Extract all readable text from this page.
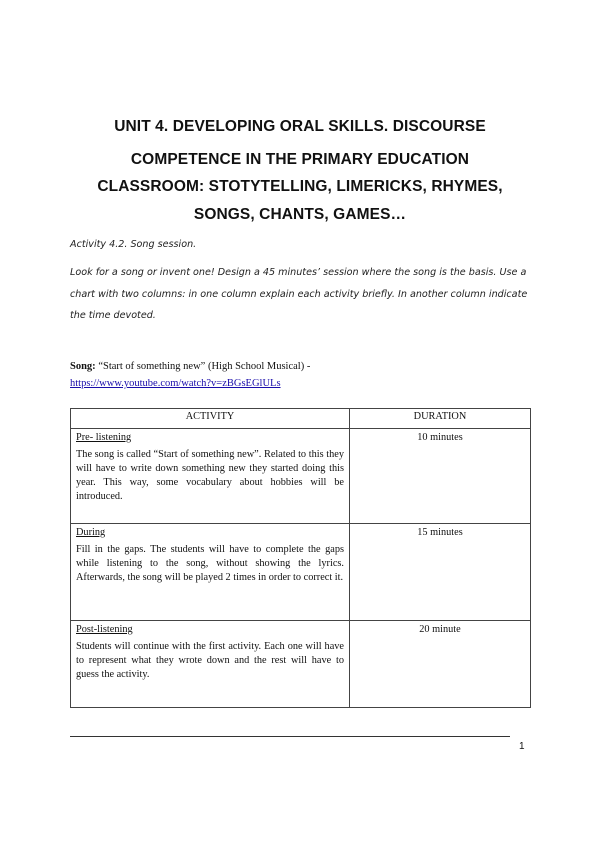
UNIT 4. DEVELOPING ORAL SKILLS. DISCOURSE
COMPETENCE IN THE PRIMARY EDUCATION
CLASSROOM: STOTYTELLING, LIMERICKS, RHYMES,
SONGS, CHANTS, GAMES…
Activity 4.2. Song session.
Look for a song or invent one! Design a 45 minutes’ session where the song is the basis. Use a chart with two columns: in one column explain each activity briefly. In another column indicate the time devoted.
Song: “Start of something new” (High School Musical) -
https://www.youtube.com/watch?v=zBGsEGlULs
ACTIVITY	DURATION

Pre- listening
The song is called “Start of something new”. Related to this they will have to write down something new they started doing this year. This way, some vocabulary about hobbies will be introduced.	10 minutes

During
Fill in the gaps. The students will have to complete the gaps while listening to the song, without showing the lyrics. Afterwards, the song will be played 2 times in order to correct it.	15 minutes

Post-listening
Students will continue with the first activity. Each one will have to represent what they wrote down and the rest will have to guess the activity.	20 minute
1
